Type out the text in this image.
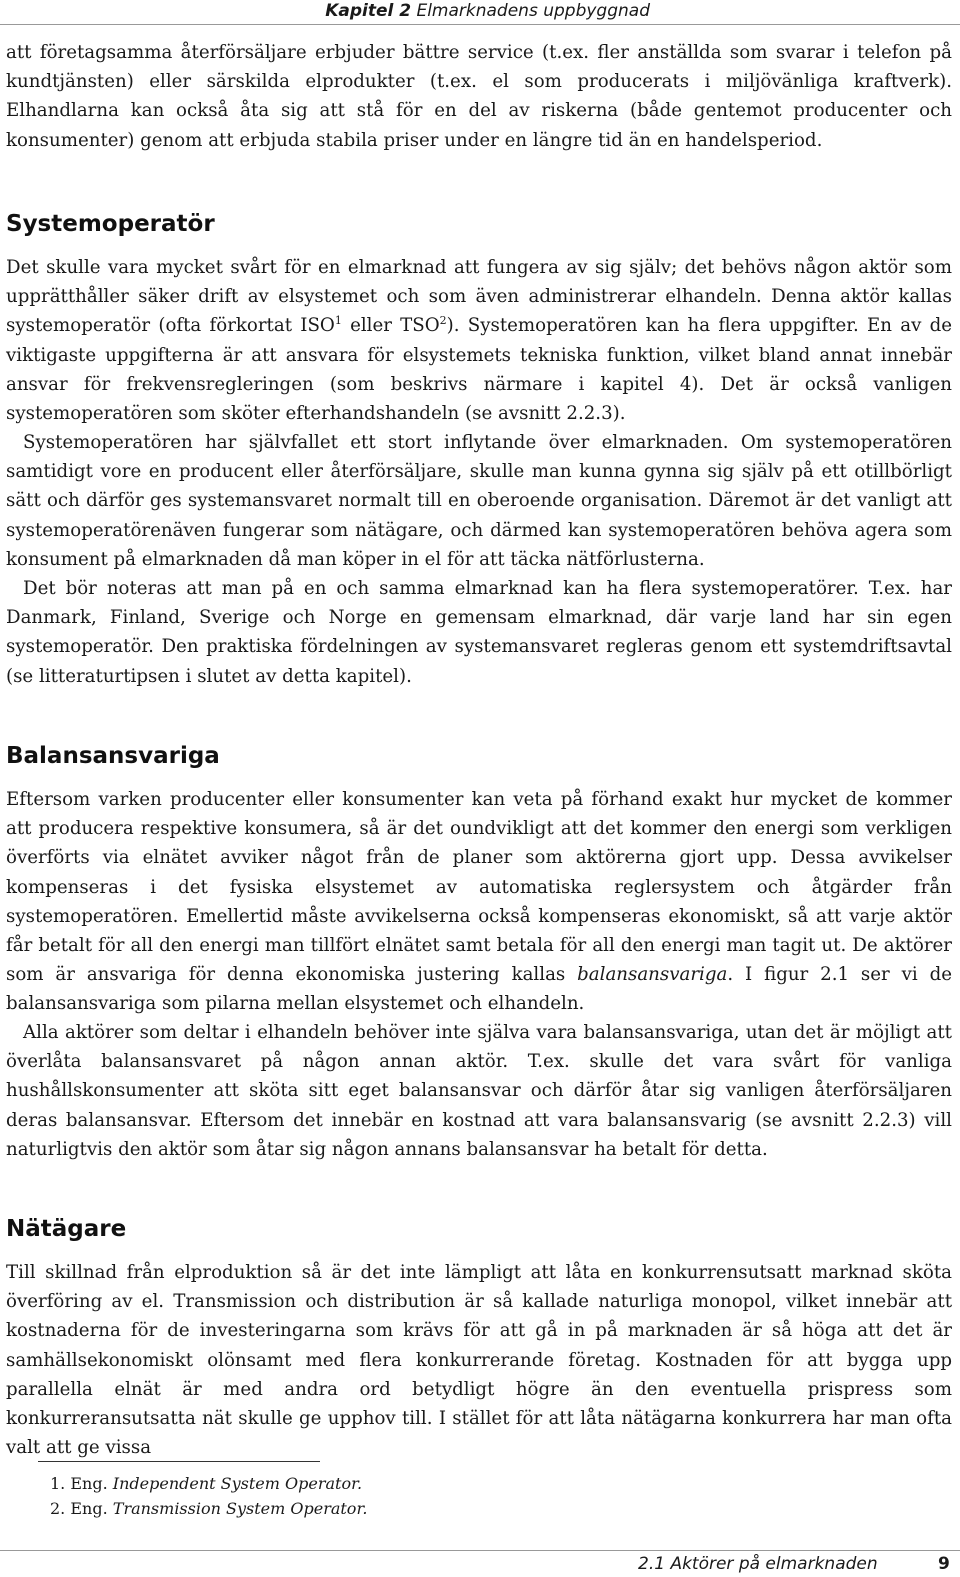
Kapitel 2 Elmarknadens uppbyggnad

att företagsamma återförsäljare erbjuder bättre service (t.ex. fler anställda som svarar i telefon på kundtjänsten) eller särskilda elprodukter (t.ex. el som producerats i miljövänliga kraftverk). Elhandlarna kan också åta sig att stå för en del av riskerna (både gentemot producenter och konsumenter) genom att erbjuda stabila priser under en längre tid än en handelsperiod.

Systemoperatör

Det skulle vara mycket svårt för en elmarknad att fungera av sig själv; det behövs någon aktör som upprätthåller säker drift av elsystemet och som även administrerar elhandeln. Denna aktör kallas systemoperatör (ofta förkortat ISO$^1$ eller TSO$^2$). Systemoperatören kan ha flera uppgifter. En av de viktigaste uppgifterna är att ansvara för elsystemets tekniska funktion, vilket bland annat innebär ansvar för frekvensregleringen (som beskrivs närmare i kapitel 4). Det är också vanligen systemoperatören som sköter efterhandshandeln (se avsnitt 2.2.3).

Systemoperatören har självfallet ett stort inflytande över elmarknaden. Om systemoperatören samtidigt vore en producent eller återförsäljare, skulle man kunna gynna sig själv på ett otillbörligt sätt och därför ges systemansvaret normalt till en oberoende organisation. Däremot är det vanligt att systemoperatörenäven fungerar som nätägare, och därmed kan systemoperatören behöva agera som konsument på elmarknaden då man köper in el för att täcka nätförlusterna.

Det bör noteras att man på en och samma elmarknad kan ha flera systemoperatörer. T.ex. har Danmark, Finland, Sverige och Norge en gemensam elmarknad, där varje land har sin egen systemoperatör. Den praktiska fördelningen av systemansvaret regleras genom ett systemdriftsavtal (se litteraturtipsen i slutet av detta kapitel).

Balansansvariga

Eftersom varken producenter eller konsumenter kan veta på förhand exakt hur mycket de kommer att producera respektive konsumera, så är det oundvikligt att det kommer den energi som verkligen överförts via elnätet avviker något från de planer som aktörerna gjort upp. Dessa avvikelser kompenseras i det fysiska elsystemet av automatiska reglersystem och åtgärder från systemoperatören. Emellertid måste avvikelserna också kompenseras ekonomiskt, så att varje aktör får betalt för all den energi man tillfört elnätet samt betala för all den energi man tagit ut. De aktörer som är ansvariga för denna ekonomiska justering kallas balansansvariga. I figur 2.1 ser vi de balansansvariga som pilarna mellan elsystemet och elhandeln.

Alla aktörer som deltar i elhandeln behöver inte själva vara balansansvariga, utan det är möjligt att överlåta balansansvaret på någon annan aktör. T.ex. skulle det vara svårt för vanliga hushållskonsumenter att sköta sitt eget balansansvar och därför åtar sig vanligen återförsäljaren deras balansansvar. Eftersom det innebär en kostnad att vara balansansvarig (se avsnitt 2.2.3) vill naturligtvis den aktör som åtar sig någon annans balansansvar ha betalt för detta.

Nätägare

Till skillnad från elproduktion så är det inte lämpligt att låta en konkurrensutsatt marknad sköta överföring av el. Transmission och distribution är så kallade naturliga monopol, vilket innebär att kostnaderna för de investeringarna som krävs för att gå in på marknaden är så höga att det är samhällsekonomiskt olönsamt med flera konkurrerande företag. Kostnaden för att bygga upp parallella elnät är med andra ord betydligt högre än den eventuella prispress som konkurreransutsatta nät skulle ge upphov till. I stället för att låta nätägarna konkurrera har man ofta valt att ge vissa

1. Eng. Independent System Operator.
2. Eng. Transmission System Operator.
2.1 Aktörer på elmarknaden	9
